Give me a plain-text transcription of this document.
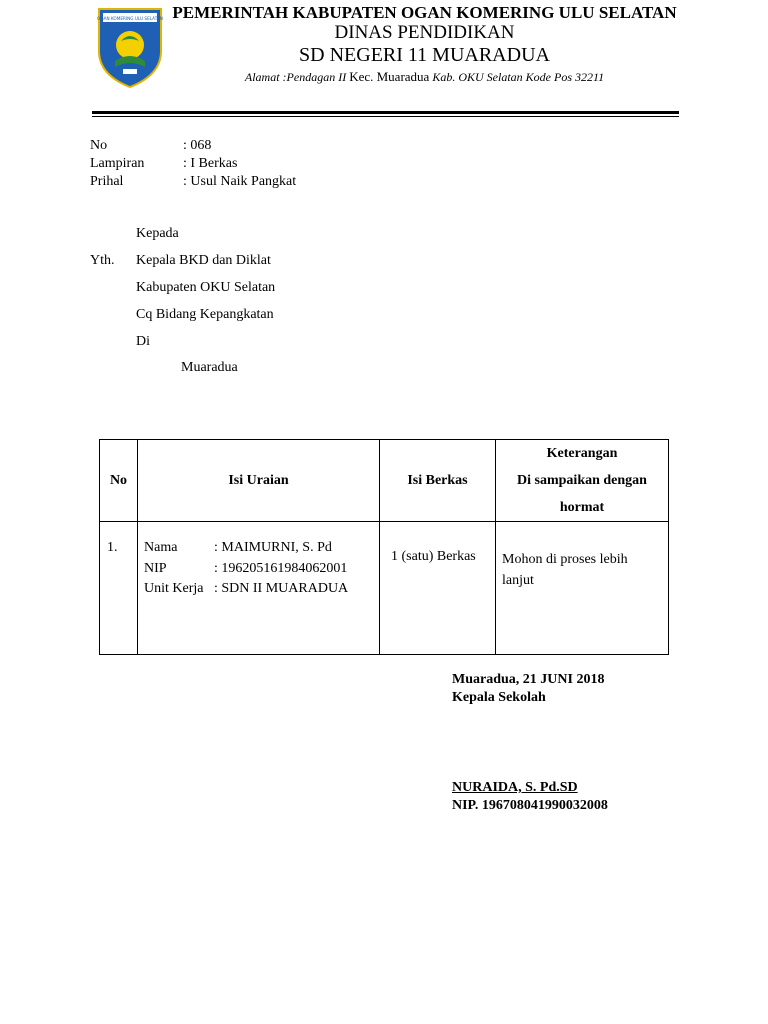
OGAN KOMERING ULU SELATAN PEMERINTAH KABUPATEN OGAN KOMERING ULU SELATAN
DINAS PENDIDIKAN
SD NEGERI 11 MUARADUA
Alamat :Pendagan II Kec. Muaradua Kab. OKU Selatan Kode Pos 32211
No	: 068
Lampiran	: I Berkas
Prihal	: Usul Naik Pangkat
Kepada
Yth. Kepala BKD dan Diklat
Kabupaten OKU Selatan
Cq Bidang Kepangkatan
Di
Muaradua
No	Isi Uraian	Isi Berkas	Keterangan
Di sampaikan dengan
hormat

1.	Nama : MAIMURNI, S. Pd
NIP : 196205161984062001
Unit Kerja : SDN II MUARADUA	1 (satu) Berkas	Mohon di proses lebih lanjut
Muaradua, 21 JUNI 2018
Kepala Sekolah
NURAIDA, S. Pd.SD
NIP. 196708041990032008
